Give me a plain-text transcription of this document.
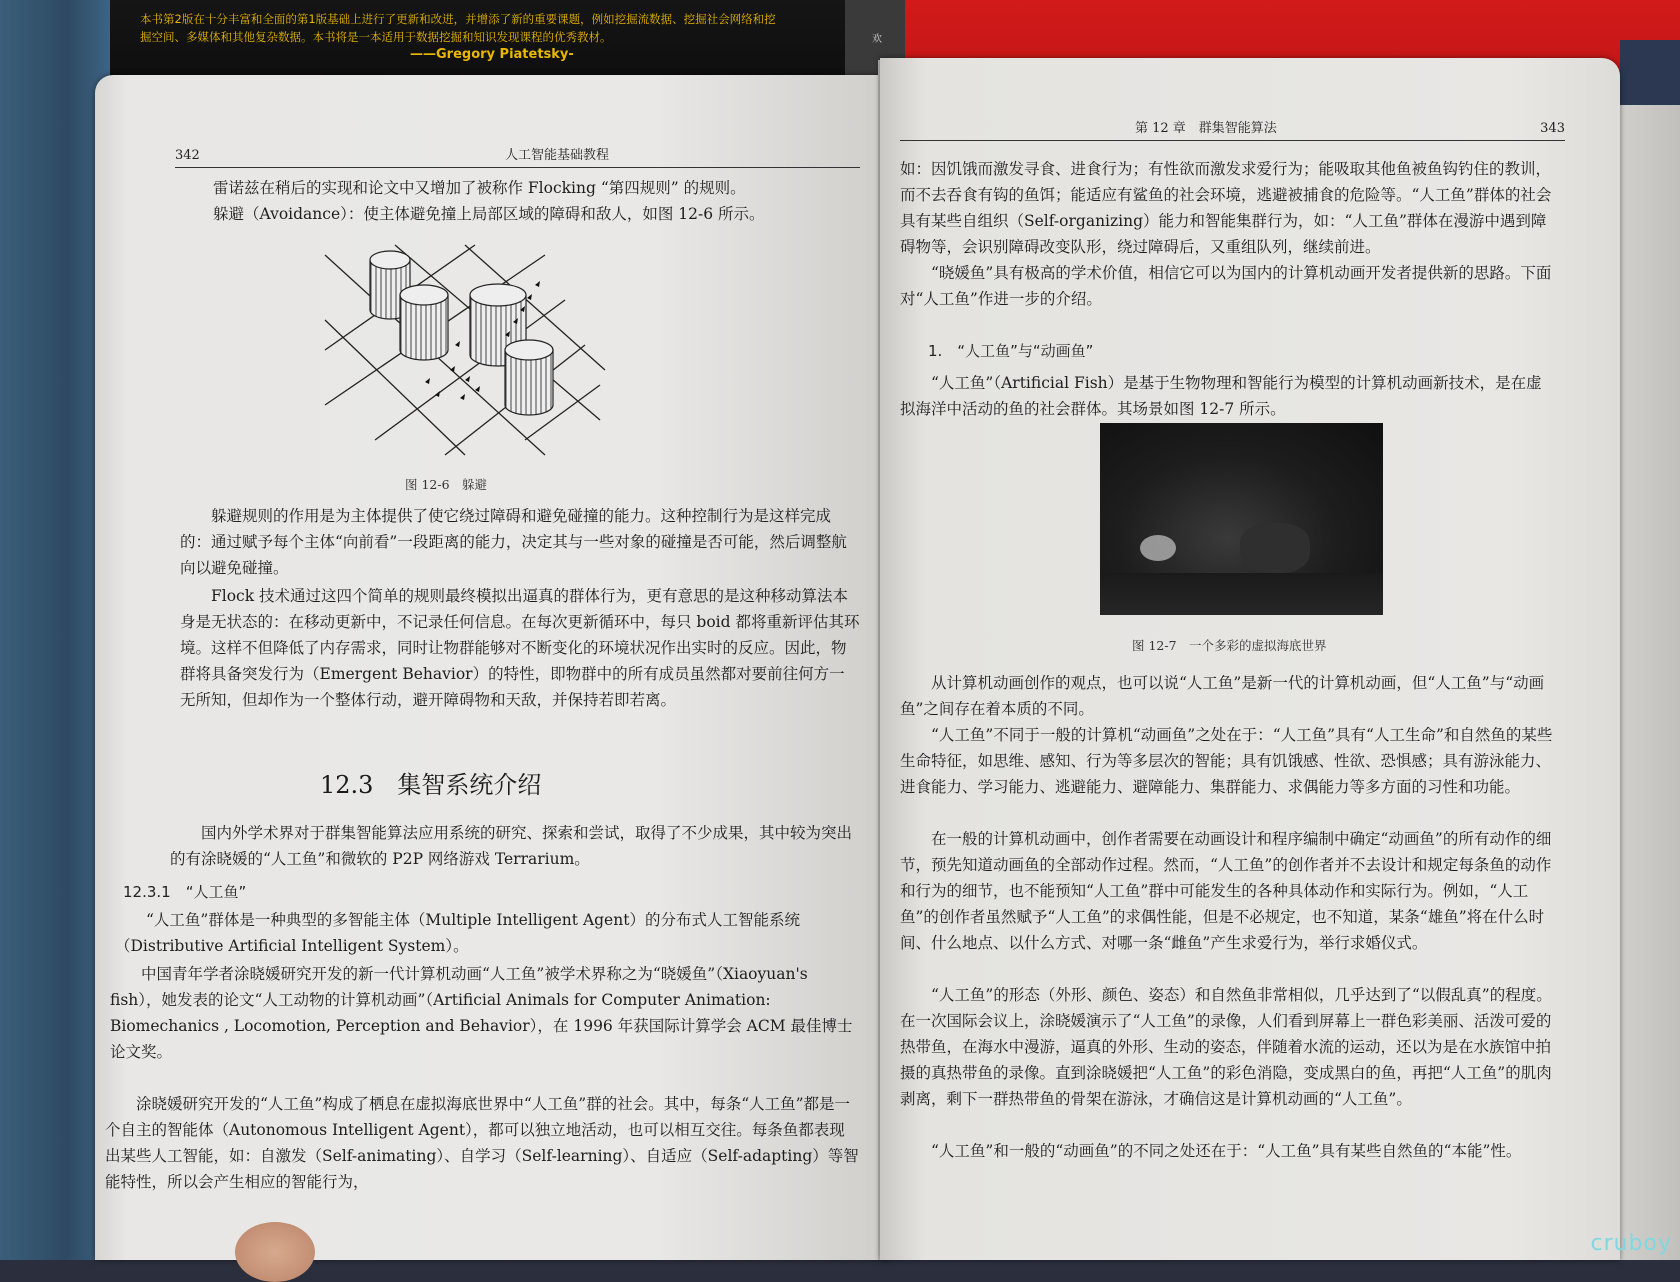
本书第2版在十分丰富和全面的第1版基础上进行了更新和改进，并增添了新的重要课题，例如挖掘流数据、挖掘社会网络和挖掘空间、多媒体和其他复杂数据。本书将是一本适用于数据挖掘和知识发现课程的优秀教材。
——Gregory Piatetsky-
欢
342	人工智能基础教程

雷诺兹在稍后的实现和论文中又增加了被称作 Flocking “第四规则” 的规则。

躲避（Avoidance）：使主体避免撞上局部区域的障碍和敌人，如图 12-6 所示。

图 12-6　躲避
躲避规则的作用是为主体提供了使它绕过障碍和避免碰撞的能力。这种控制行为是这样完成的：通过赋予每个主体“向前看”一段距离的能力，决定其与一些对象的碰撞是否可能，然后调整航向以避免碰撞。
Flock 技术通过这四个简单的规则最终模拟出逼真的群体行为，更有意思的是这种移动算法本身是无状态的：在移动更新中，不记录任何信息。在每次更新循环中，每只 boid 都将重新评估其环境。这样不但降低了内存需求，同时让物群能够对不断变化的环境状况作出实时的反应。因此，物群将具备突发行为（Emergent Behavior）的特性，即物群中的所有成员虽然都对要前往何方一无所知，但却作为一个整体行动，避开障碍物和天敌，并保持若即若离。
12.3　集智系统介绍
国内外学术界对于群集智能算法应用系统的研究、探索和尝试，取得了不少成果，其中较为突出的有涂晓媛的“人工鱼”和微软的 P2P 网络游戏 Terrarium。
12.3.1　“人工鱼”
“人工鱼”群体是一种典型的多智能主体（Multiple Intelligent Agent）的分布式人工智能系统（Distributive Artificial Intelligent System）。
中国青年学者涂晓媛研究开发的新一代计算机动画“人工鱼”被学术界称之为“晓媛鱼”（Xiaoyuan's fish），她发表的论文“人工动物的计算机动画”（Artificial Animals for Computer Animation: Biomechanics , Locomotion, Perception and Behavior），在 1996 年获国际计算学会 ACM 最佳博士论文奖。
涂晓媛研究开发的“人工鱼”构成了栖息在虚拟海底世界中“人工鱼”群的社会。其中，每条“人工鱼”都是一个自主的智能体（Autonomous Intelligent Agent），都可以独立地活动，也可以相互交往。每条鱼都表现出某些人工智能，如：自激发（Self-animating）、自学习（Self-learning）、自适应（Self-adapting）等智能特性，所以会产生相应的智能行为，
第 12 章　群集智能算法	343
如：因饥饿而激发寻食、进食行为；有性欲而激发求爱行为；能吸取其他鱼被鱼钩钓住的教训，而不去吞食有钩的鱼饵；能适应有鲨鱼的社会环境，逃避被捕食的危险等。“人工鱼”群体的社会具有某些自组织（Self-organizing）能力和智能集群行为，如：“人工鱼”群体在漫游中遇到障碍物等，会识别障碍改变队形，绕过障碍后，又重组队列，继续前进。
“晓媛鱼”具有极高的学术价值，相信它可以为国内的计算机动画开发者提供新的思路。下面对“人工鱼”作进一步的介绍。
1.　“人工鱼”与“动画鱼”
“人工鱼”（Artificial Fish）是基于生物物理和智能行为模型的计算机动画新技术，是在虚拟海洋中活动的鱼的社会群体。其场景如图 12-7 所示。
图 12-7　一个多彩的虚拟海底世界
从计算机动画创作的观点，也可以说“人工鱼”是新一代的计算机动画，但“人工鱼”与“动画鱼”之间存在着本质的不同。
“人工鱼”不同于一般的计算机“动画鱼”之处在于：“人工鱼”具有“人工生命”和自然鱼的某些生命特征，如思维、感知、行为等多层次的智能；具有饥饿感、性欲、恐惧感；具有游泳能力、进食能力、学习能力、逃避能力、避障能力、集群能力、求偶能力等多方面的习性和功能。
在一般的计算机动画中，创作者需要在动画设计和程序编制中确定“动画鱼”的所有动作的细节，预先知道动画鱼的全部动作过程。然而，“人工鱼”的创作者并不去设计和规定每条鱼的动作和行为的细节，也不能预知“人工鱼”群中可能发生的各种具体动作和实际行为。例如，“人工鱼”的创作者虽然赋予“人工鱼”的求偶性能，但是不必规定，也不知道，某条“雄鱼”将在什么时间、什么地点、以什么方式、对哪一条“雌鱼”产生求爱行为，举行求婚仪式。
“人工鱼”的形态（外形、颜色、姿态）和自然鱼非常相似，几乎达到了“以假乱真”的程度。在一次国际会议上，涂晓媛演示了“人工鱼”的录像，人们看到屏幕上一群色彩美丽、活泼可爱的热带鱼，在海水中漫游，逼真的外形、生动的姿态，伴随着水流的运动，还以为是在水族馆中拍摄的真热带鱼的录像。直到涂晓媛把“人工鱼”的彩色消隐，变成黑白的鱼，再把“人工鱼”的肌肉剥离，剩下一群热带鱼的骨架在游泳，才确信这是计算机动画的“人工鱼”。
“人工鱼”和一般的“动画鱼”的不同之处还在于：“人工鱼”具有某些自然鱼的“本能”性。
cruboy
